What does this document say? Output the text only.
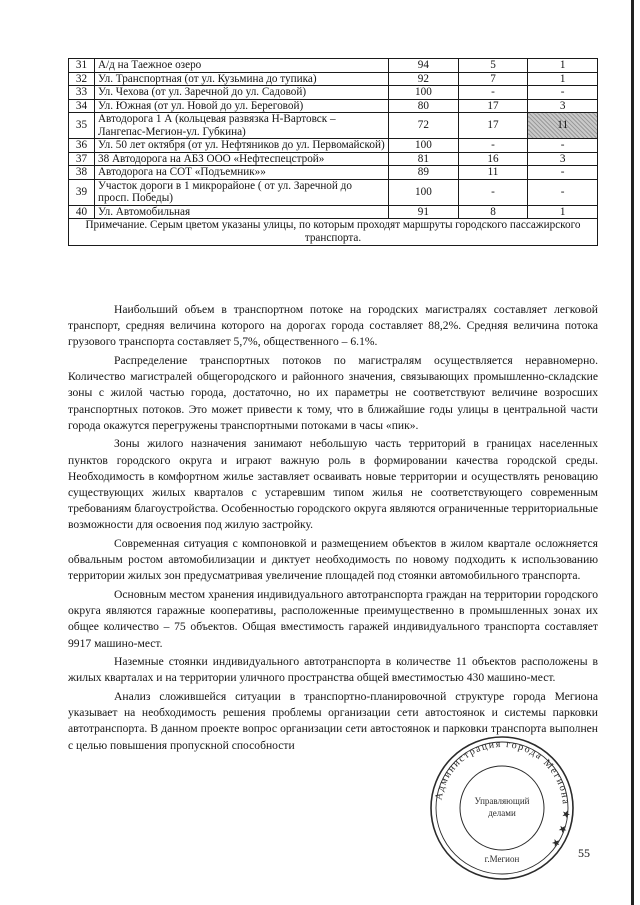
31	А/д на Таежное озеро	94	5	1
32	Ул. Транспортная (от ул. Кузьмина до тупика)	92	7	1
33	Ул. Чехова (от ул. Заречной до ул. Садовой)	100	-	-
34	Ул. Южная (от ул. Новой до ул. Береговой)	80	17	3
35	Автодорога 1 А (кольцевая развязка Н-Вартовск – Лангепас-Мегион-ул. Губкина)	72	17	11
36	Ул. 50 лет октября (от ул. Нефтяников до ул. Первомайской)	100	-	-
37	38 Автодорога на АБЗ ООО «Нефтеспецстрой»	81	16	3
38	Автодорога на СОТ «Подъемник»»	89	11	-
39	Участок дороги в 1 микрорайоне ( от ул. Заречной до просп. Победы)	100	-	-
40	Ул. Автомобильная	91	8	1
Примечание. Серым цветом указаны улицы, по которым проходят маршруты городского пассажирского транспорта.				

Наибольший объем в транспортном потоке на городских магистралях составляет легковой транспорт, средняя величина которого на дорогах города составляет 88,2%. Средняя величина потока грузового транспорта составляет 5,7%, общественного – 6.1%.

Распределение транспортных потоков по магистралям осуществляется неравномерно. Количество магистралей общегородского и районного значения, связывающих промышленно-складские зоны с жилой частью города, достаточно, но их параметры не соответствуют величине возросших транспортных потоков. Это может привести к тому, что в ближайшие годы улицы в центральной части города окажутся перегружены транспортными потоками в часы «пик».

Зоны жилого назначения занимают небольшую часть территорий в границах населенных пунктов городского округа и играют важную роль в формировании качества городской среды. Необходимость в комфортном жилье заставляет осваивать новые территории и осуществлять реновацию существующих жилых кварталов с устаревшим типом жилья не соответствующего современным требованиям благоустройства. Особенностью городского округа являются ограниченные территориальные возможности для освоения под жилую застройку.

Современная ситуация с компоновкой и размещением объектов в жилом квартале осложняется обвальным ростом автомобилизации и диктует необходимость по новому подходить к использованию территории жилых зон предусматривая увеличение площадей под стоянки автомобильного транспорта.

Основным местом хранения индивидуального автотранспорта граждан на территории городского округа являются гаражные кооперативы, расположенные преимущественно в промышленных зонах их общее количество – 75 объектов. Общая вместимость гаражей индивидуального транспорта составляет 9917 машино-мест.

Наземные стоянки индивидуального автотранспорта в количестве 11 объектов расположены в жилых кварталах и на территории уличного пространства общей вместимостью 430 машино-мест.

Анализ сложившейся ситуации в транспортно-планировочной структуре города Мегиона указывает на необходимость решения проблемы организации сети автостоянок и системы парковки автотранспорта. В данном проекте вопрос организации сети автостоянок и парковки транспорта выполнен с целью повышения пропускной способности

Администрация города Мегиона ★ ★ ★
Управляющий
делами
г.Мегион	55
